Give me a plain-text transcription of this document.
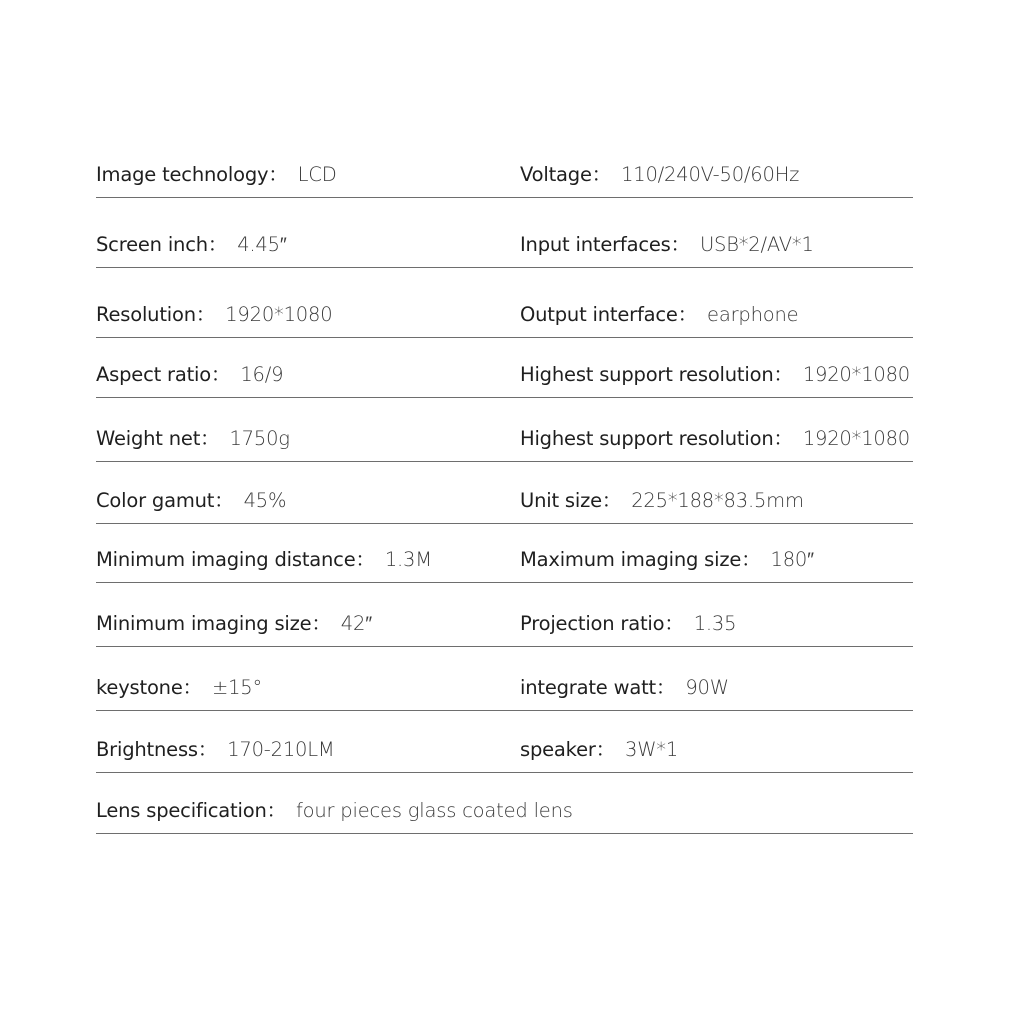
Image technology： LCD	Voltage： 110/240V-50/60Hz
Screen inch： 4.45″	Input interfaces： USB*2/AV*1
Resolution： 1920*1080	Output interface： earphone
Aspect ratio： 16/9	Highest support resolution： 1920*1080
Weight net： 1750g	Highest support resolution： 1920*1080
Color gamut： 45%	Unit size： 225*188*83.5mm
Minimum imaging distance： 1.3M	Maximum imaging size： 180″
Minimum imaging size： 42″	Projection ratio： 1.35
keystone： ±15°	integrate watt： 90W
Brightness： 170-210LM	speaker： 3W*1
Lens specification： four pieces glass coated lens
